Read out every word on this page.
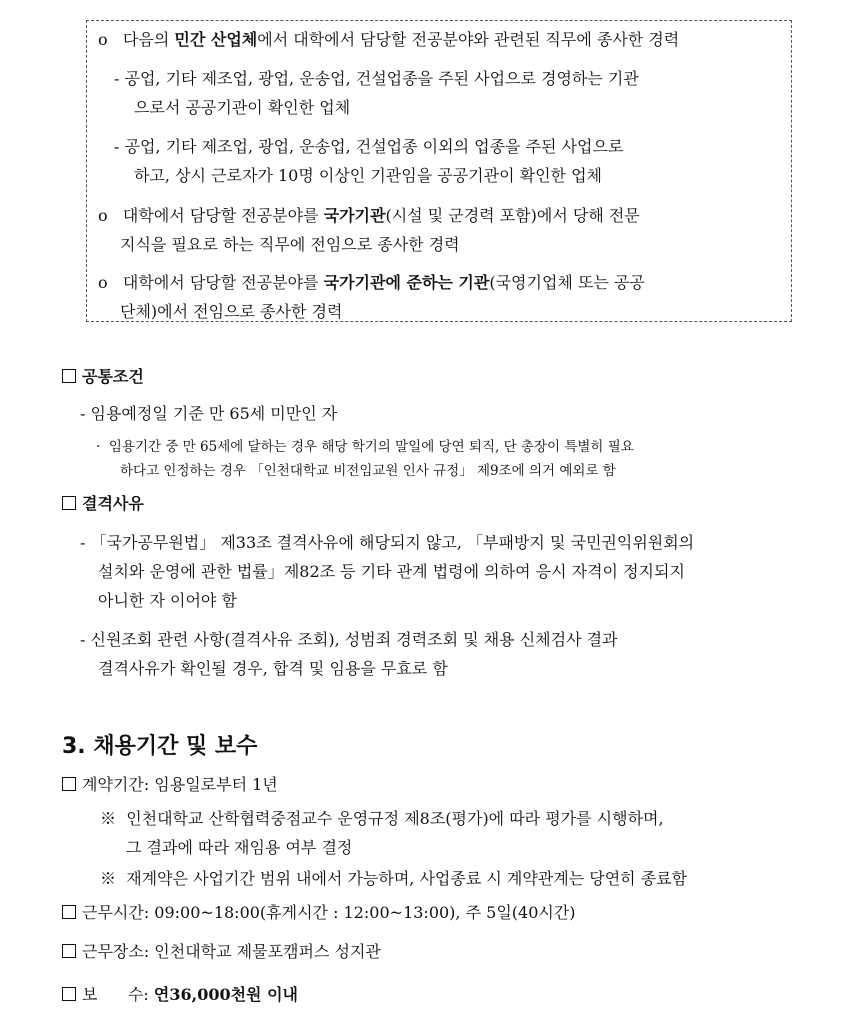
o 다음의 민간 산업체에서 대학에서 담당할 전공분야와 관련된 직무에 종사한 경력
- 공업, 기타 제조업, 광업, 운송업, 건설업종을 주된 사업으로 경영하는 기관
으로서 공공기관이 확인한 업체
- 공업, 기타 제조업, 광업, 운송업, 건설업종 이외의 업종을 주된 사업으로
하고, 상시 근로자가 10명 이상인 기관임을 공공기관이 확인한 업체
o 대학에서 담당할 전공분야를 국가기관(시설 및 군경력 포함)에서 당해 전문
지식을 필요로 하는 직무에 전임으로 종사한 경력
o 대학에서 담당할 전공분야를 국가기관에 준하는 기관(국영기업체 또는 공공
단체)에서 전임으로 종사한 경력
공통조건
- 임용예정일 기준 만 65세 미만인 자
· 임용기간 중 만 65세에 달하는 경우 해당 학기의 말일에 당연 퇴직, 단 총장이 특별히 필요
하다고 인정하는 경우 「인천대학교 비전임교원 인사 규정」 제9조에 의거 예외로 함
결격사유
- 「국가공무원법」 제33조 결격사유에 해당되지 않고, 「부패방지 및 국민권익위원회의
설치와 운영에 관한 법률」제82조 등 기타 관계 법령에 의하여 응시 자격이 정지되지
아니한 자 이어야 함
- 신원조회 관련 사항(결격사유 조회), 성범죄 경력조회 및 채용 신체검사 결과
결격사유가 확인될 경우, 합격 및 임용을 무효로 함
3. 채용기간 및 보수
계약기간: 임용일로부터 1년
※ 인천대학교 산학협력중점교수 운영규정 제8조(평가)에 따라 평가를 시행하며,
그 결과에 따라 재임용 여부 결정
※ 재계약은 사업기간 범위 내에서 가능하며, 사업종료 시 계약관계는 당연히 종료함
근무시간: 09:00~18:00(휴게시간 : 12:00~13:00), 주 5일(40시간)
근무장소: 인천대학교 제물포캠퍼스 성지관
보      수: 연36,000천원 이내
